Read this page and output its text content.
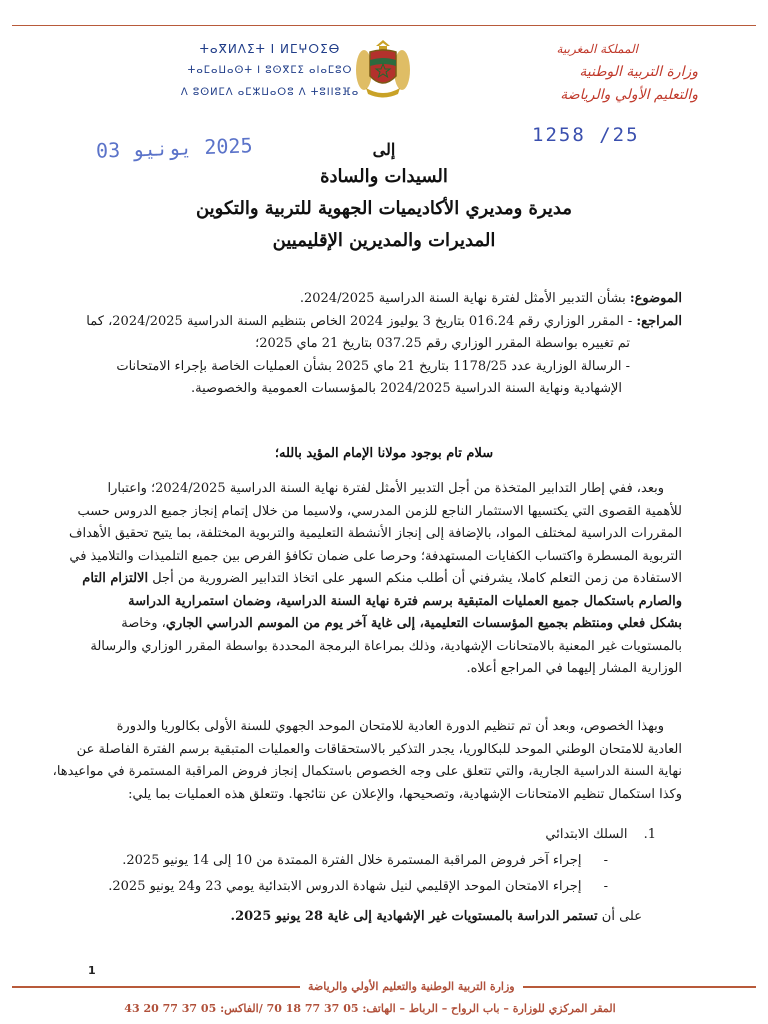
ⵜⴰⴳⵍⴷⵉⵜ ⵏ ⵍⵎⵖⵔⵉⴱ
ⵜⴰⵎⴰⵡⴰⵙⵜ ⵏ ⵓⵙⴳⵎⵉ ⴰⵏⴰⵎⵓⵔ
ⴷ ⵓⵙⵍⵎⴷ ⴰⵎⵣⵡⴰⵔⵓ ⴷ ⵜⵓⵏⵏⵓⴼⴰ
المملكة المغربية
وزارة التربية الوطنية
والتعليم الأولي والرياضة
2025 يونيو 03	1258 /25
إلى
السيدات والسادة
مديرة ومديري الأكاديميات الجهوية للتربية والتكوين
المديرات والمديرين الإقليميين
الموضوع: بشأن التدبير الأمثل لفترة نهاية السنة الدراسية 2024/2025.
المراجع: - المقرر الوزاري رقم 016.24 بتاريخ 3 يوليوز 2024 الخاص بتنظيم السنة الدراسية 2024/2025، كما
تم تغييره بواسطة المقرر الوزاري رقم 037.25 بتاريخ 21 ماي 2025؛
- الرسالة الوزارية عدد 1178/25 بتاريخ 21 ماي 2025 بشأن العمليات الخاصة بإجراء الامتحانات
الإشهادية ونهاية السنة الدراسية 2024/2025 بالمؤسسات العمومية والخصوصية.
سلام تام بوجود مولانا الإمام المؤيد بالله؛
وبعد، ففي إطار التدابير المتخذة من أجل التدبير الأمثل لفترة نهاية السنة الدراسية 2024/2025؛ واعتبارا
للأهمية القصوى التي يكتسيها الاستثمار الناجع للزمن المدرسي، ولاسيما من خلال إتمام إنجاز جميع الدروس حسب
المقررات الدراسية لمختلف المواد، بالإضافة إلى إنجاز الأنشطة التعليمية والتربوية المختلفة، بما يتيح تحقيق الأهداف
التربوية المسطرة واكتساب الكفايات المستهدفة؛ وحرصا على ضمان تكافؤ الفرص بين جميع التلميذات والتلاميذ في
الاستفادة من زمن التعلم كاملا، يشرفني أن أطلب منكم السهر على اتخاذ التدابير الضرورية من أجل الالتزام التام
والصارم باستكمال جميع العمليات المتبقية برسم فترة نهاية السنة الدراسية، وضمان استمرارية الدراسة
بشكل فعلي ومنتظم بجميع المؤسسات التعليمية، إلى غاية آخر يوم من الموسم الدراسي الجاري، وخاصة
بالمستويات غير المعنية بالامتحانات الإشهادية، وذلك بمراعاة البرمجة المحددة بواسطة المقرر الوزاري والرسالة
الوزارية المشار إليهما في المراجع أعلاه.
وبهذا الخصوص، وبعد أن تم تنظيم الدورة العادية للامتحان الموحد الجهوي للسنة الأولى بكالوريا والدورة
العادية للامتحان الوطني الموحد للبكالوريا، يجدر التذكير بالاستحقاقات والعمليات المتبقية برسم الفترة الفاصلة عن
نهاية السنة الدراسية الجارية، والتي تتعلق على وجه الخصوص باستكمال إنجاز فروض المراقبة المستمرة في مواعيدها،
وكذا استكمال تنظيم الامتحانات الإشهادية، وتصحيحها، والإعلان عن نتائجها. وتتعلق هذه العمليات بما يلي:
1. السلك الابتدائي
- إجراء آخر فروض المراقبة المستمرة خلال الفترة الممتدة من 10 إلى 14 يونيو 2025.
- إجراء الامتحان الموحد الإقليمي لنيل شهادة الدروس الابتدائية يومي 23 و24 يونيو 2025.
على أن تستمر الدراسة بالمستويات غير الإشهادية إلى غاية 28 يونيو 2025.
1
وزارة التربية الوطنية والتعليم الأولي والرياضة
المقر المركزي للوزارة – باب الرواح – الرباط – الهاتف: 05 37 77 18 70 /الفاكس: 05 37 77 20 43
